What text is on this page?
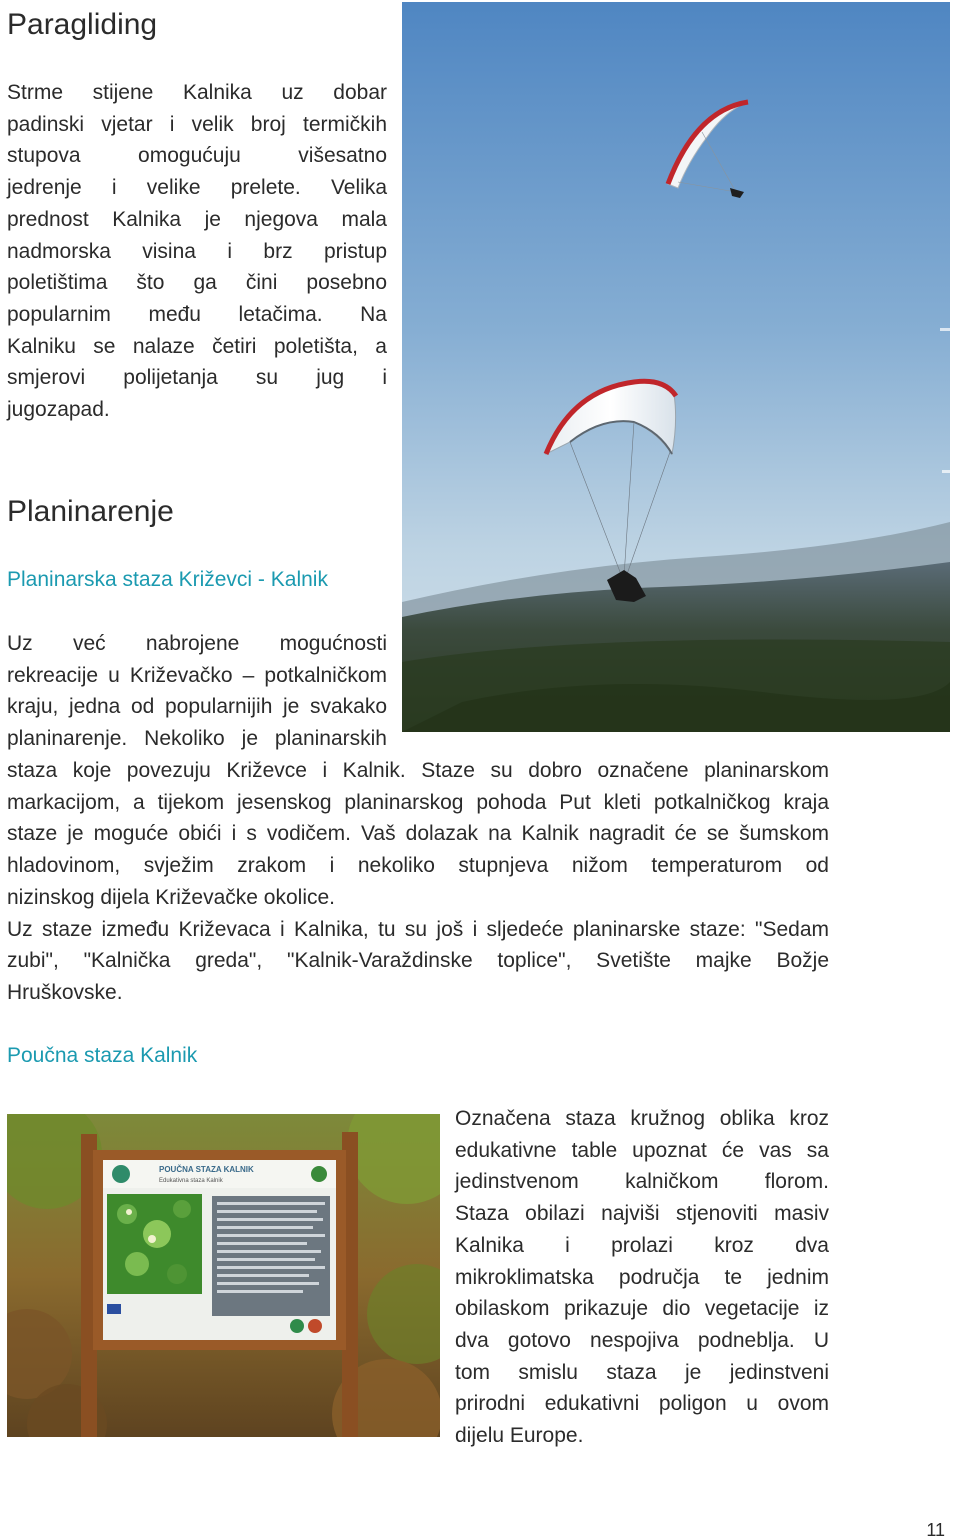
Paragliding

Strme stijene Kalnika uz dobar
padinski vjetar i velik broj termičkih
stupova omogućuju višesatno
jedrenje i velike prelete. Velika
prednost Kalnika je njegova mala
nadmorska visina i brz pristup
poletištima što ga čini posebno
popularnim među letačima. Na
Kalniku se nalaze četiri poletišta, a
smjerovi polijetanja su jug i
jugozapad.

Planinarenje
Planinarska staza Križevci - Kalnik

Uz već nabrojene mogućnosti
rekreacije u Križevačko – potkalničkom
kraju, jedna od popularnijih je svakako
planinarenje. Nekoliko je planinarskih

staza koje povezuju Križevce i Kalnik. Staze su dobro označene planinarskom
markacijom, a tijekom jesenskog planinarskog pohoda Put kleti potkalničkog kraja
staze je moguće obići i s vodičem. Vaš dolazak na Kalnik nagradit će se šumskom
hladovinom, svježim zrakom i nekoliko stupnjeva nižom temperaturom od
nizinskog dijela Križevačke okolice.
Uz staze između Križevaca i Kalnika, tu su još i sljedeće planinarske staze: "Sedam
zubi", "Kalnička greda", "Kalnik-Varaždinske toplice", Svetište majke Božje
Hruškovske.

Poučna staza Kalnik
POUČNA STAZA KALNIK
Edukativna staza Kalnik

Označena staza kružnog oblika kroz
edukativne table upoznat će vas sa
jedinstvenom kalničkom florom.
Staza obilazi najviši stjenoviti masiv
Kalnika i prolazi kroz dva
mikroklimatska područja te jednim
obilaskom prikazuje dio vegetacije iz
dva gotovo nespojiva podneblja. U
tom smislu staza je jedinstveni
prirodni edukativni poligon u ovom
dijelu Europe.

11
